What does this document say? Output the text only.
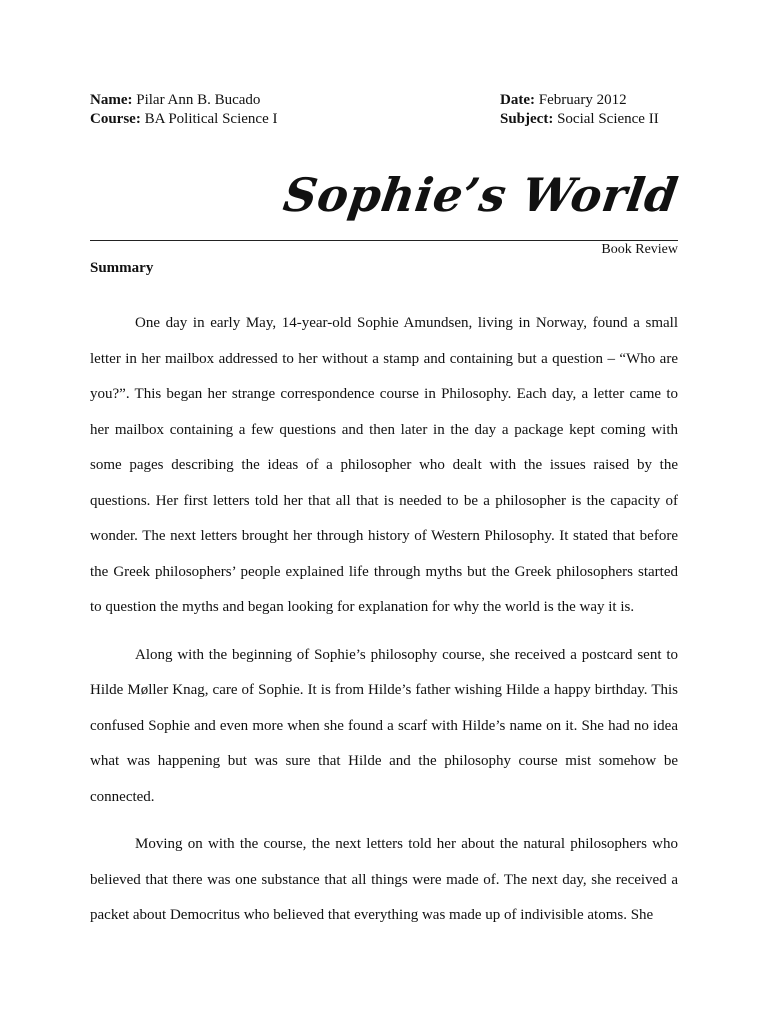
Name: Pilar Ann B. Bucado
Course: BA Political Science I
Date: February 2012
Subject: Social Science II
Sophie’s World
Book Review
Summary

One day in early May, 14-year-old Sophie Amundsen, living in Norway, found a small letter in her mailbox addressed to her without a stamp and containing but a question – “Who are you?”. This began her strange correspondence course in Philosophy. Each day, a letter came to her mailbox containing a few questions and then later in the day a package kept coming with some pages describing the ideas of a philosopher who dealt with the issues raised by the questions. Her first letters told her that all that is needed to be a philosopher is the capacity of wonder. The next letters brought her through history of Western Philosophy. It stated that before the Greek philosophers’ people explained life through myths but the Greek philosophers started to question the myths and began looking for explanation for why the world is the way it is.

Along with the beginning of Sophie’s philosophy course, she received a postcard sent to Hilde Møller Knag, care of Sophie. It is from Hilde’s father wishing Hilde a happy birthday. This confused Sophie and even more when she found a scarf with Hilde’s name on it. She had no idea what was happening but was sure that Hilde and the philosophy course mist somehow be connected.

Moving on with the course, the next letters told her about the natural philosophers who believed that there was one substance that all things were made of. The next day, she received a packet about Democritus who believed that everything was made up of indivisible atoms. She
